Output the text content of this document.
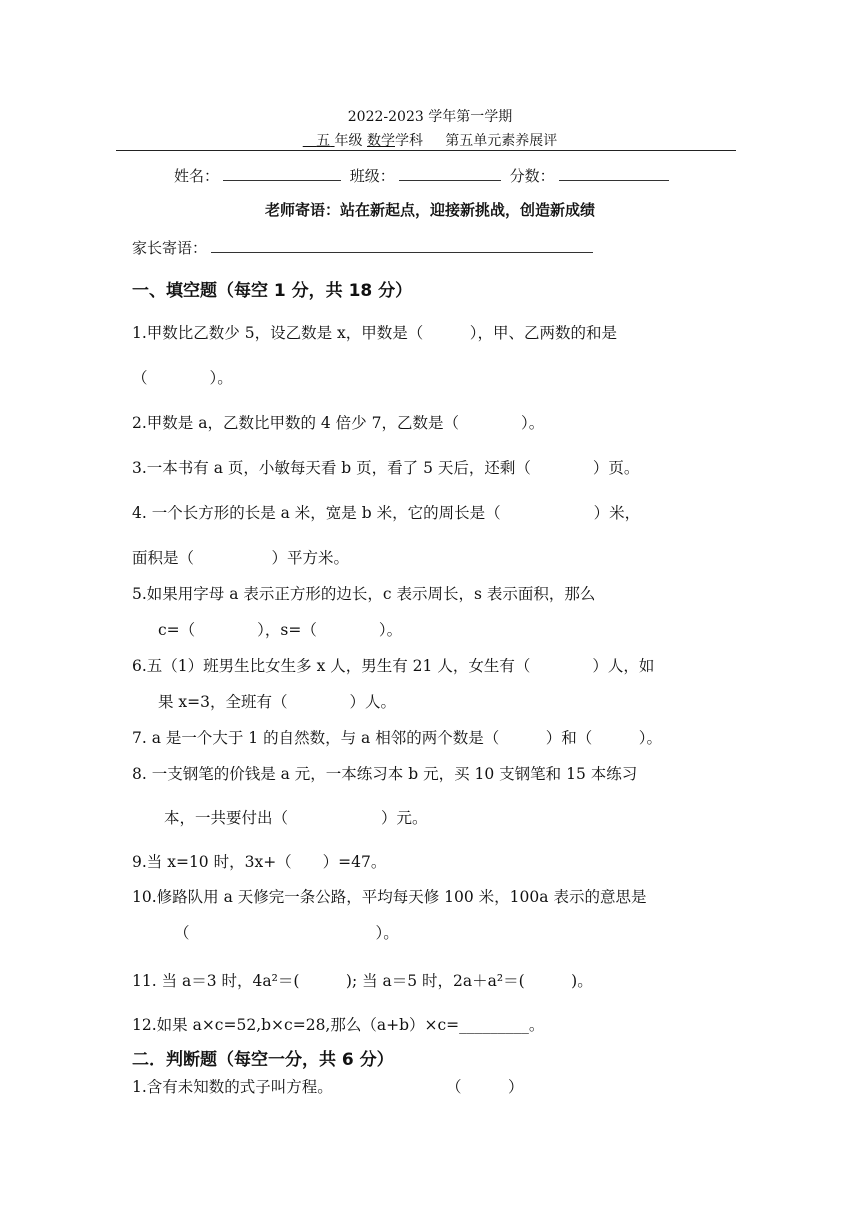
2022-2023 学年第一学期
五 年级 数学学科 第五单元素养展评
姓名：	班级：	分数：
老师寄语：站在新起点，迎接新挑战，创造新成绩
家长寄语：
一、填空题（每空 1 分，共 18 分）
1.甲数比乙数少 5，设乙数是 x，甲数是（　　　），甲、乙两数的和是
（　　　　）。
2.甲数是 a，乙数比甲数的 4 倍少 7，乙数是（　　　　）。
3.一本书有 a 页，小敏每天看 b 页，看了 5 天后，还剩（　　　　）页。
4. 一个长方形的长是 a 米，宽是 b 米，它的周长是（　　　　　　）米，
面积是（　　　　　）平方米。
5.如果用字母 a 表示正方形的边长，c 表示周长，s 表示面积，那么
c=（　　　　），s=（　　　　）。
6.五（1）班男生比女生多 x 人，男生有 21 人，女生有（　　　　）人，如
果 x=3，全班有（　　　　）人。
7. a 是一个大于 1 的自然数，与 a 相邻的两个数是（　　　）和（　　　）。
8. 一支钢笔的价钱是 a 元，一本练习本 b 元，买 10 支钢笔和 15 本练习
本，一共要付出（　　　　　　）元。
9.当 x=10 时，3x+（　　）=47。
10.修路队用 a 天修完一条公路，平均每天修 100 米，100a 表示的意思是
（　　　　　　　　　　　　）。
11. 当 a＝3 时，4a²＝(　　　); 当 a＝5 时，2a＋a²＝(　　　)。
12.如果 a×c=52,b×c=28,那么（a+b）×c=_________。
二．判断题（每空一分，共 6 分）
1.含有未知数的式子叫方程。	（　　　）
